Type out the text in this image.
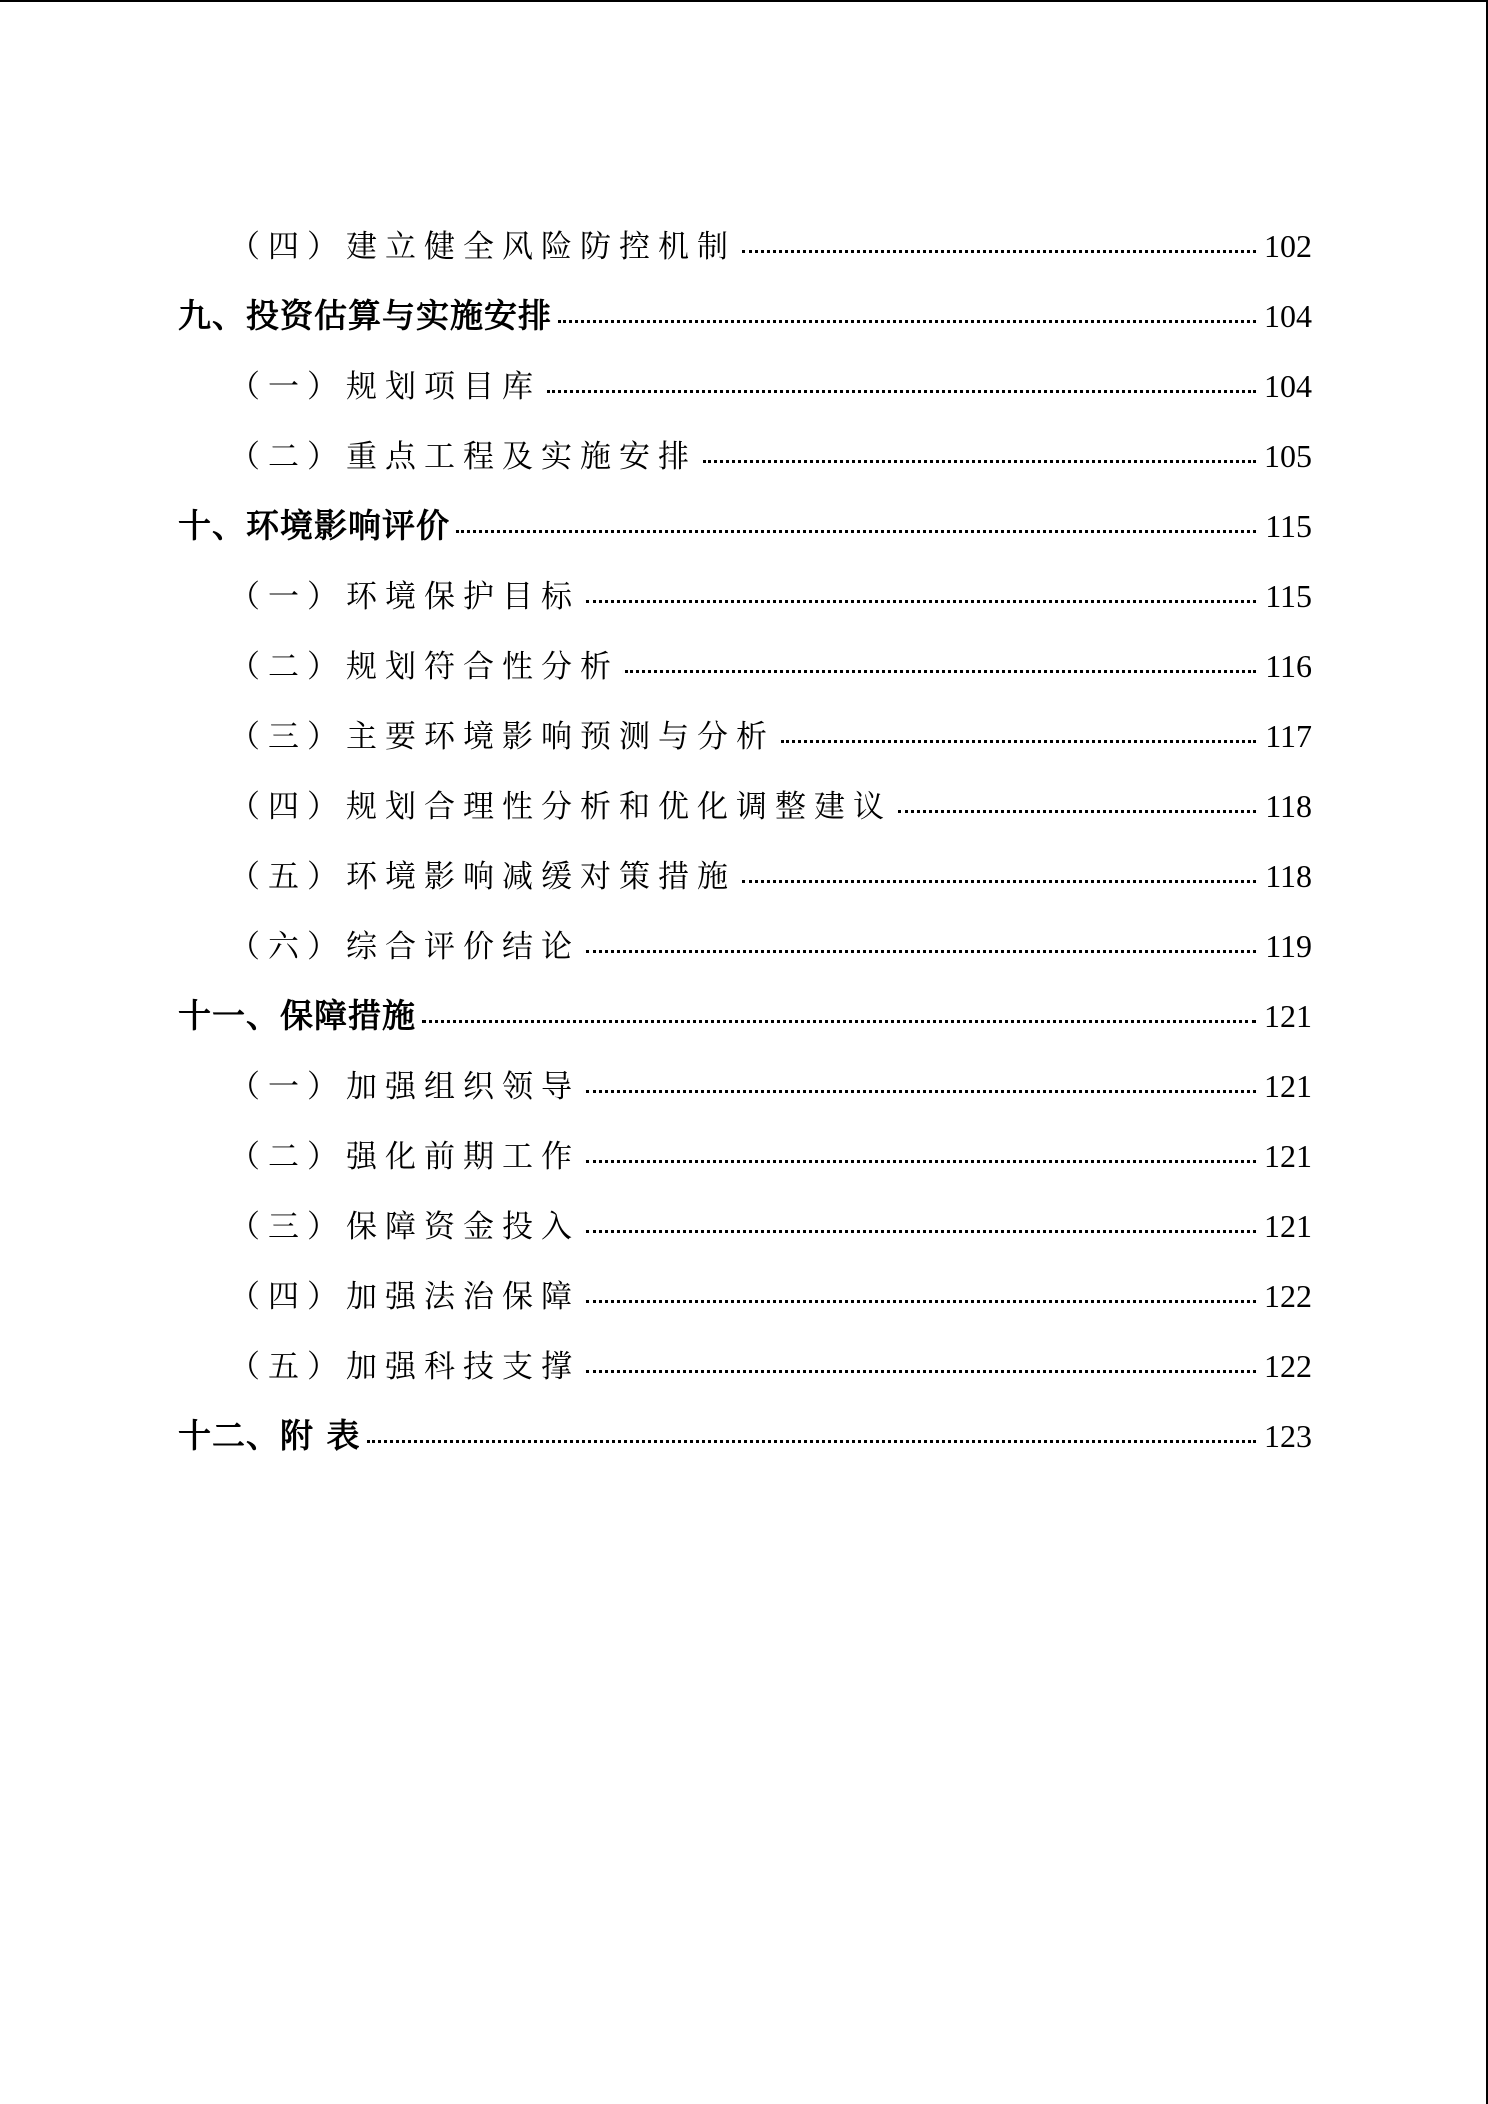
（四）建立健全风险防控机制	102
九、投资估算与实施安排	104
（一）规划项目库	104
（二）重点工程及实施安排	105
十、环境影响评价	115
（一）环境保护目标	115
（二）规划符合性分析	116
（三）主要环境影响预测与分析	117
（四）规划合理性分析和优化调整建议	118
（五）环境影响减缓对策措施	118
（六）综合评价结论	119
十一、保障措施	121
（一）加强组织领导	121
（二）强化前期工作	121
（三）保障资金投入	121
（四）加强法治保障	122
（五）加强科技支撑	122
十二、附 表	123
